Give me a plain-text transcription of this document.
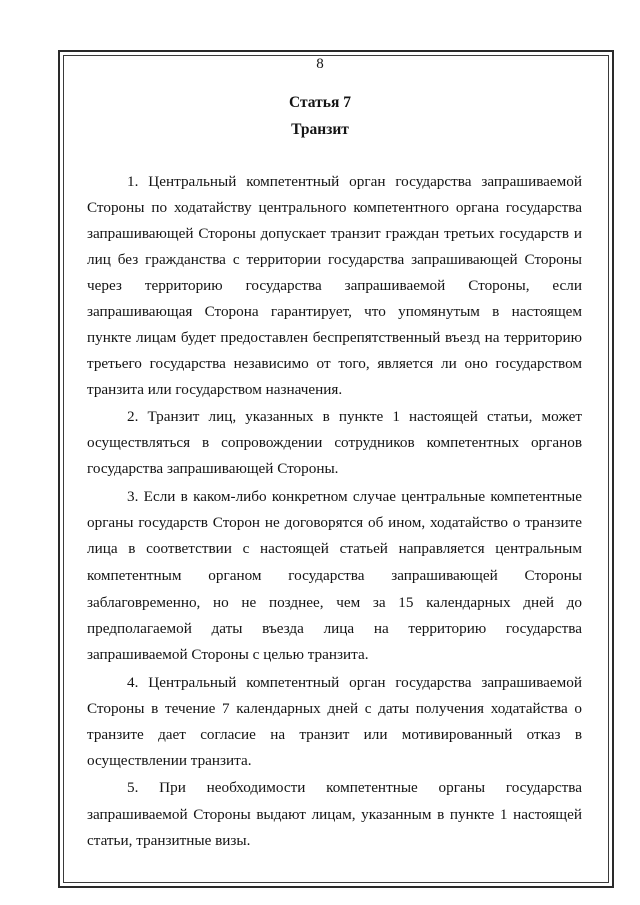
8
Статья 7
Транзит
1. Центральный компетентный орган государства запрашиваемой
Стороны по ходатайству центрального компетентного органа государства
запрашивающей Стороны допускает транзит граждан третьих государств и
лиц без гражданства с территории государства запрашивающей Стороны
через территорию государства запрашиваемой Стороны, если
запрашивающая Сторона гарантирует, что упомянутым в настоящем
пункте лицам будет предоставлен беспрепятственный въезд на территорию
третьего государства независимо от того, является ли оно государством
транзита или государством назначения.
2. Транзит лиц, указанных в пункте 1 настоящей статьи, может
осуществляться в сопровождении сотрудников компетентных органов
государства запрашивающей Стороны.
3. Если в каком-либо конкретном случае центральные компетентные
органы государств Сторон не договорятся об ином, ходатайство о транзите
лица в соответствии с настоящей статьей направляется центральным
компетентным органом государства запрашивающей Стороны
заблаговременно, но не позднее, чем за 15 календарных дней до
предполагаемой даты въезда лица на территорию государства
запрашиваемой Стороны с целью транзита.
4. Центральный компетентный орган государства запрашиваемой
Стороны в течение 7 календарных дней с даты получения ходатайства о
транзите дает согласие на транзит или мотивированный отказ в
осуществлении транзита.
5. При необходимости компетентные органы государства
запрашиваемой Стороны выдают лицам, указанным в пункте 1 настоящей
статьи, транзитные визы.
